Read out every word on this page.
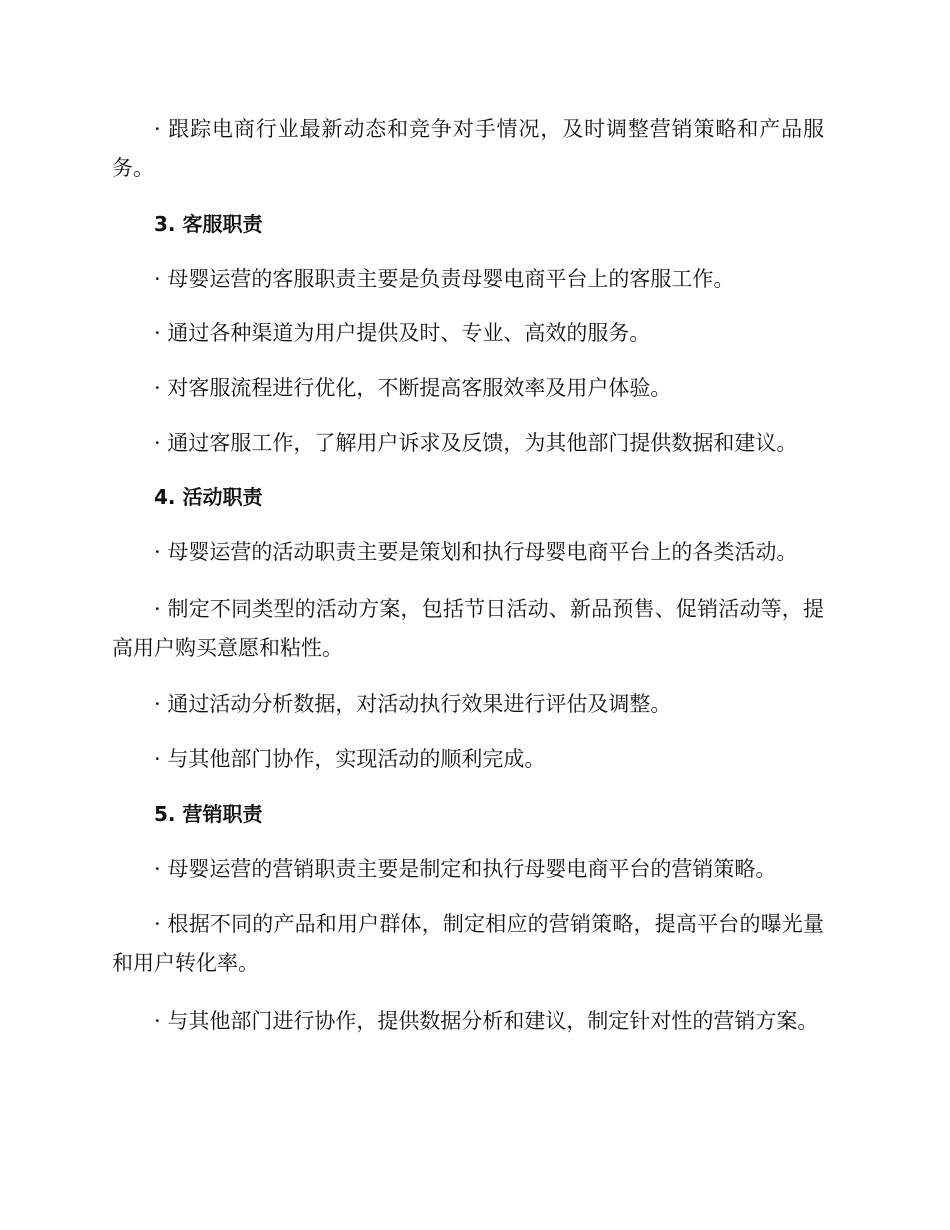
· 跟踪电商行业最新动态和竞争对手情况，及时调整营销策略和产品服务。

3. 客服职责

· 母婴运营的客服职责主要是负责母婴电商平台上的客服工作。

· 通过各种渠道为用户提供及时、专业、高效的服务。

· 对客服流程进行优化，不断提高客服效率及用户体验。

· 通过客服工作，了解用户诉求及反馈，为其他部门提供数据和建议。

4. 活动职责

· 母婴运营的活动职责主要是策划和执行母婴电商平台上的各类活动。

· 制定不同类型的活动方案，包括节日活动、新品预售、促销活动等，提高用户购买意愿和粘性。

· 通过活动分析数据，对活动执行效果进行评估及调整。

· 与其他部门协作，实现活动的顺利完成。

5. 营销职责

· 母婴运营的营销职责主要是制定和执行母婴电商平台的营销策略。

· 根据不同的产品和用户群体，制定相应的营销策略，提高平台的曝光量和用户转化率。

· 与其他部门进行协作，提供数据分析和建议，制定针对性的营销方案。
